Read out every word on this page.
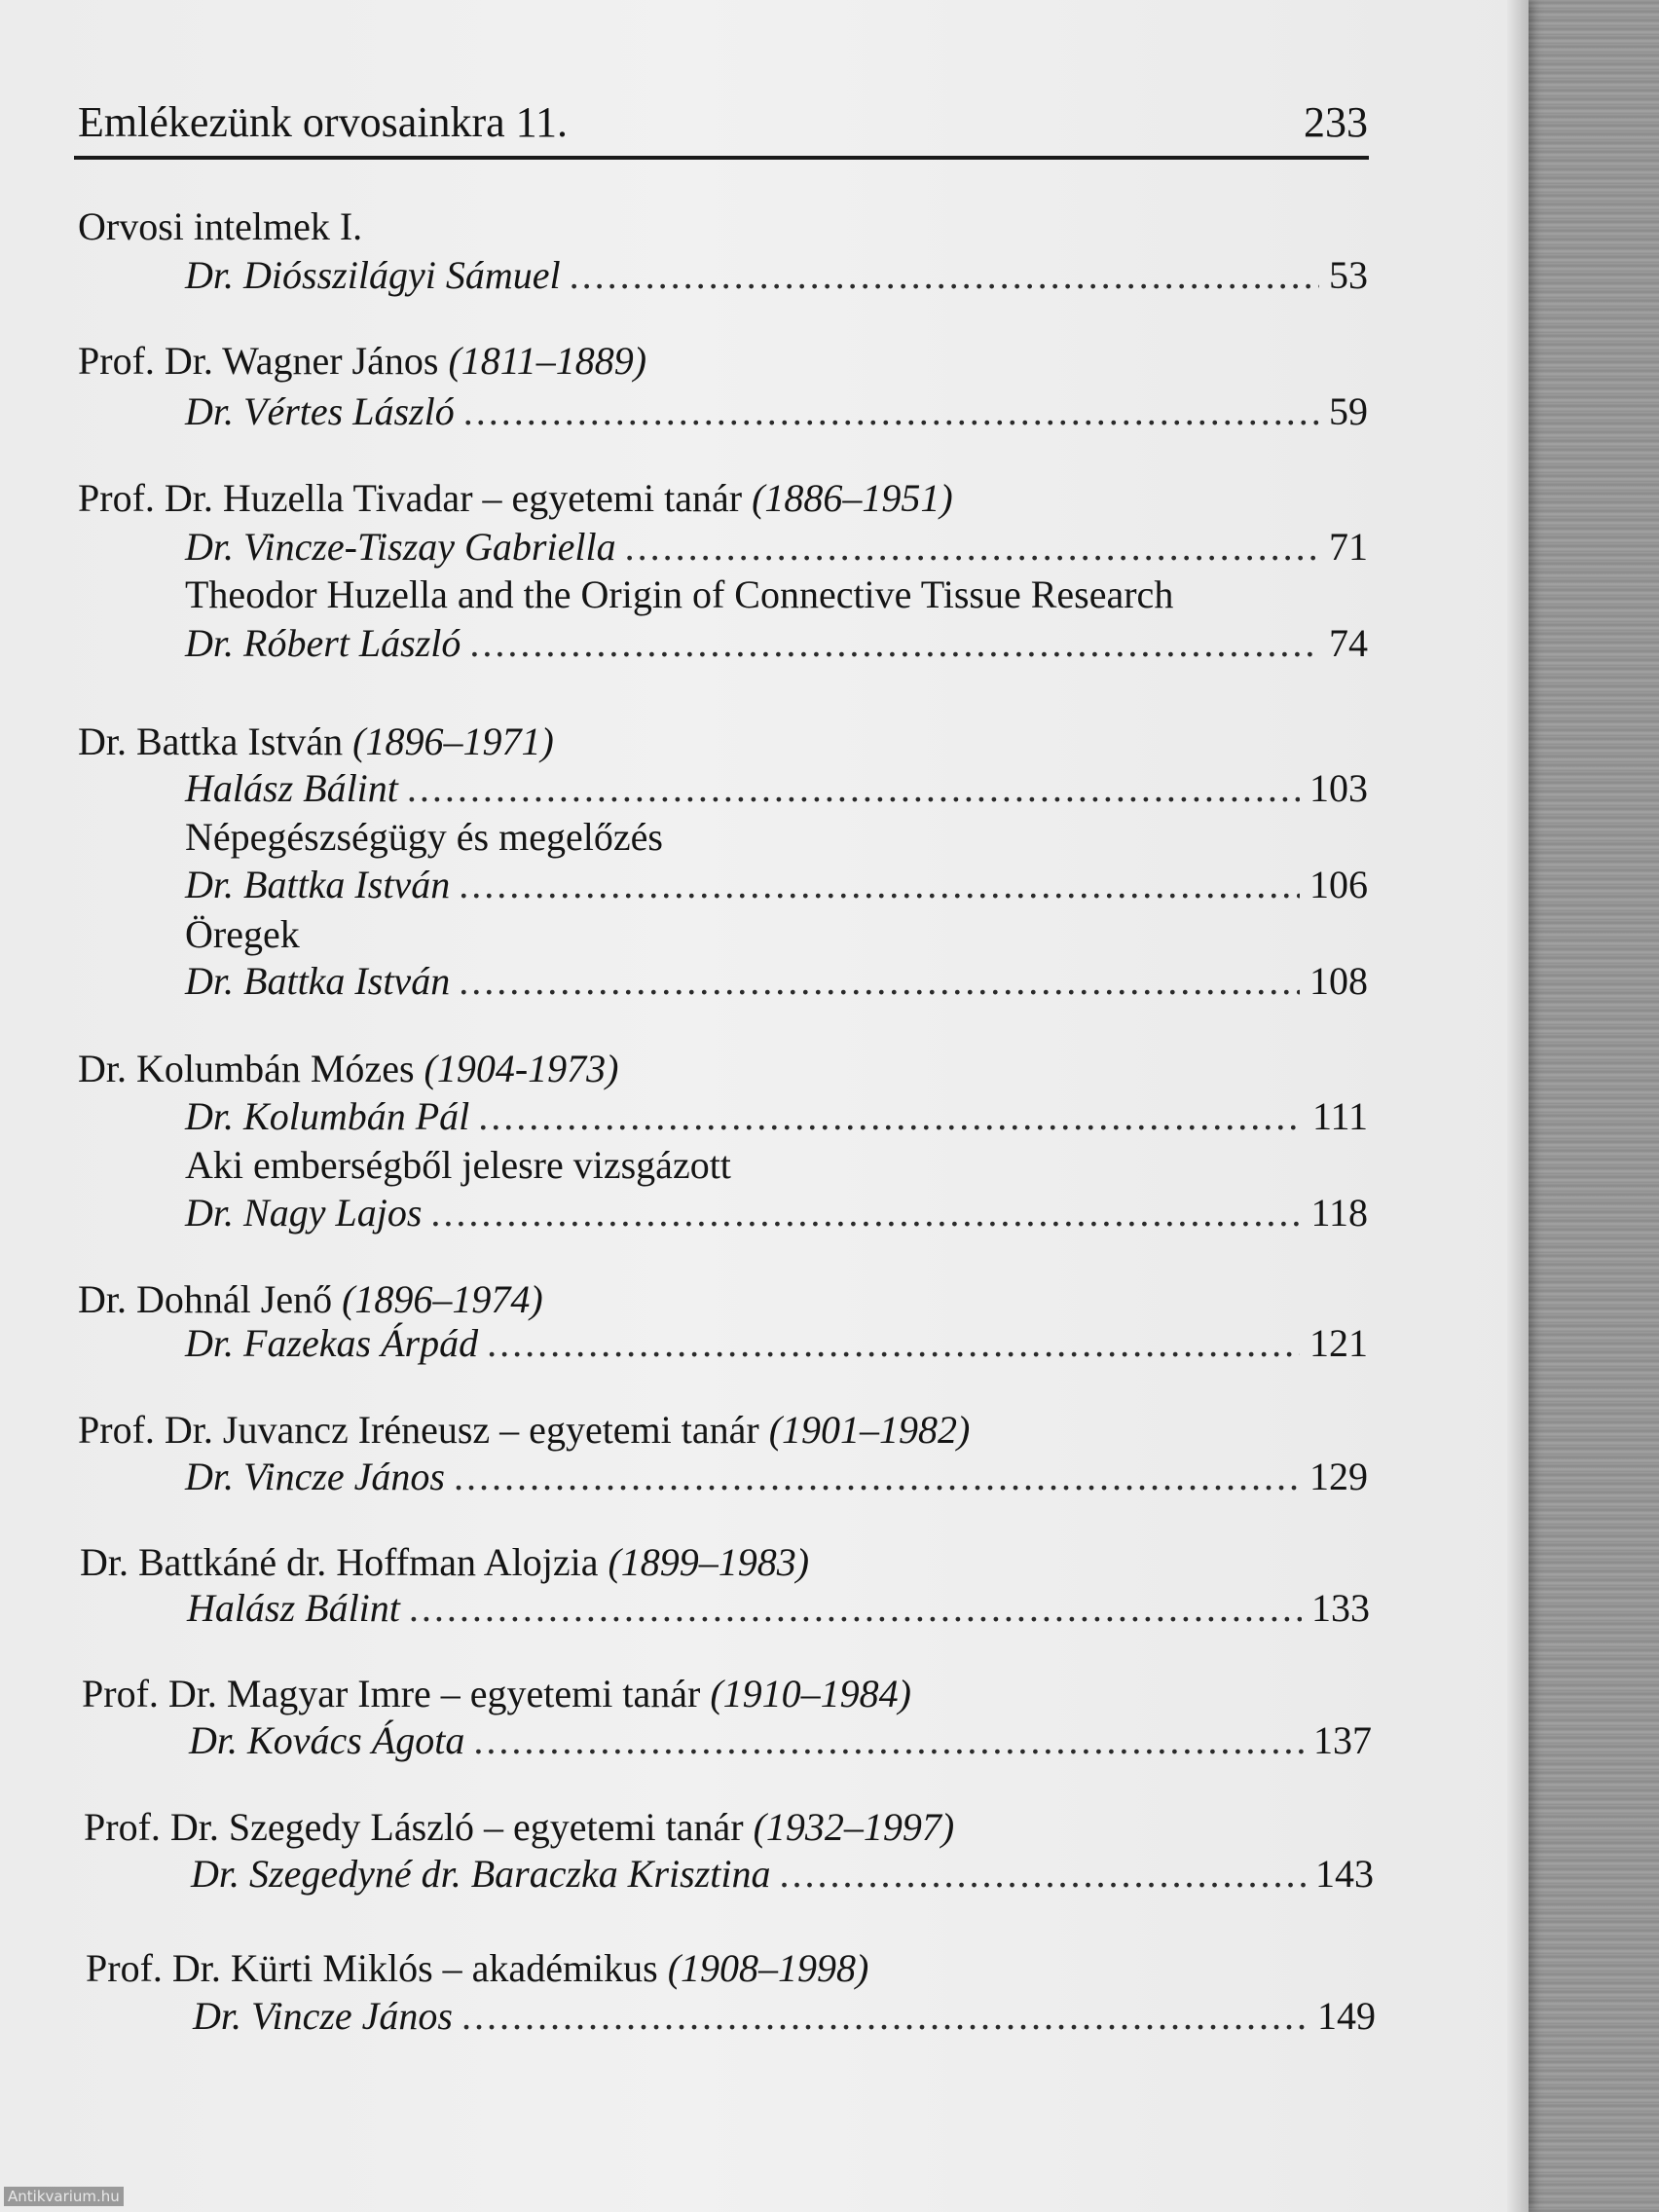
Emlékezünk orvosainkra 11.	233
Orvosi intelmek I.
Dr. Diósszilágyi Sámuel .....	53
Prof. Dr. Wagner János (1811–1889)
Dr. Vértes László .....	59
Prof. Dr. Huzella Tivadar – egyetemi tanár (1886–1951)
Dr. Vincze-Tiszay Gabriella .....	71
Theodor Huzella and the Origin of Connective Tissue Research
Dr. Róbert László .....	74
Dr. Battka István (1896–1971)
Halász Bálint .....	103
Népegészségügy és megelőzés
Dr. Battka István .....	106
Öregek
Dr. Battka István .....	108
Dr. Kolumbán Mózes (1904-1973)
Dr. Kolumbán Pál .....	111
Aki emberségből jelesre vizsgázott
Dr. Nagy Lajos .....	118
Dr. Dohnál Jenő (1896–1974)
Dr. Fazekas Árpád .....	121
Prof. Dr. Juvancz Iréneusz – egyetemi tanár (1901–1982)
Dr. Vincze János .....	129
Dr. Battkáné dr. Hoffman Alojzia (1899–1983)
Halász Bálint .....	133
Prof. Dr. Magyar Imre – egyetemi tanár (1910–1984)
Dr. Kovács Ágota .....	137
Prof. Dr. Szegedy László – egyetemi tanár (1932–1997)
Dr. Szegedyné dr. Baraczka Krisztina .....	143
Prof. Dr. Kürti Miklós – akadémikus (1908–1998)
Dr. Vincze János .....	149
Antikvarium.hu
